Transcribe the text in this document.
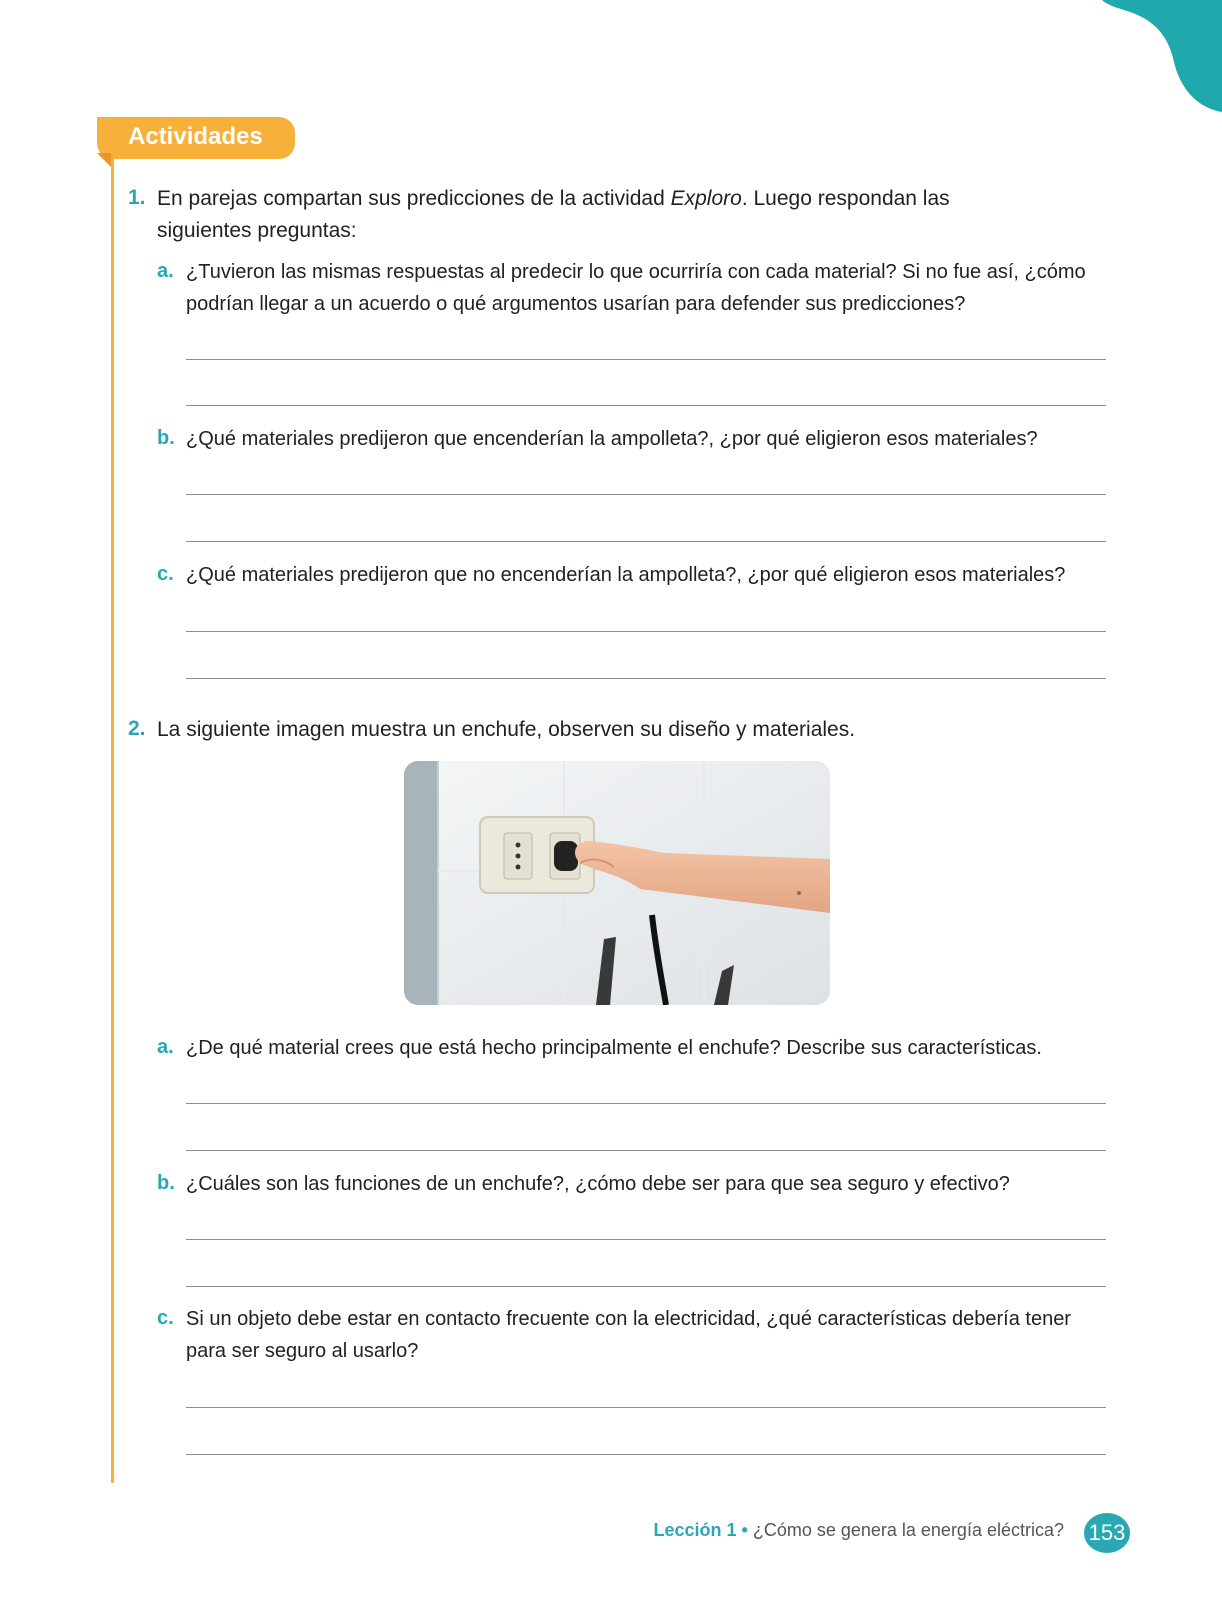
Actividades
1. En parejas compartan sus predicciones de la actividad Exploro. Luego respondan las siguientes preguntas:
a. ¿Tuvieron las mismas respuestas al predecir lo que ocurriría con cada material? Si no fue así, ¿cómo podrían llegar a un acuerdo o qué argumentos usarían para defender sus predicciones?
b. ¿Qué materiales predijeron que encenderían la ampolleta?, ¿por qué eligieron esos materiales?
c. ¿Qué materiales predijeron que no encenderían la ampolleta?, ¿por qué eligieron esos materiales?
2. La siguiente imagen muestra un enchufe, observen su diseño y materiales.
a. ¿De qué material crees que está hecho principalmente el enchufe? Describe sus características.
b. ¿Cuáles son las funciones de un enchufe?, ¿cómo debe ser para que sea seguro y efectivo?
c. Si un objeto debe estar en contacto frecuente con la electricidad, ¿qué características debería tener para ser seguro al usarlo?
Lección 1 • ¿Cómo se genera la energía eléctrica? 153
